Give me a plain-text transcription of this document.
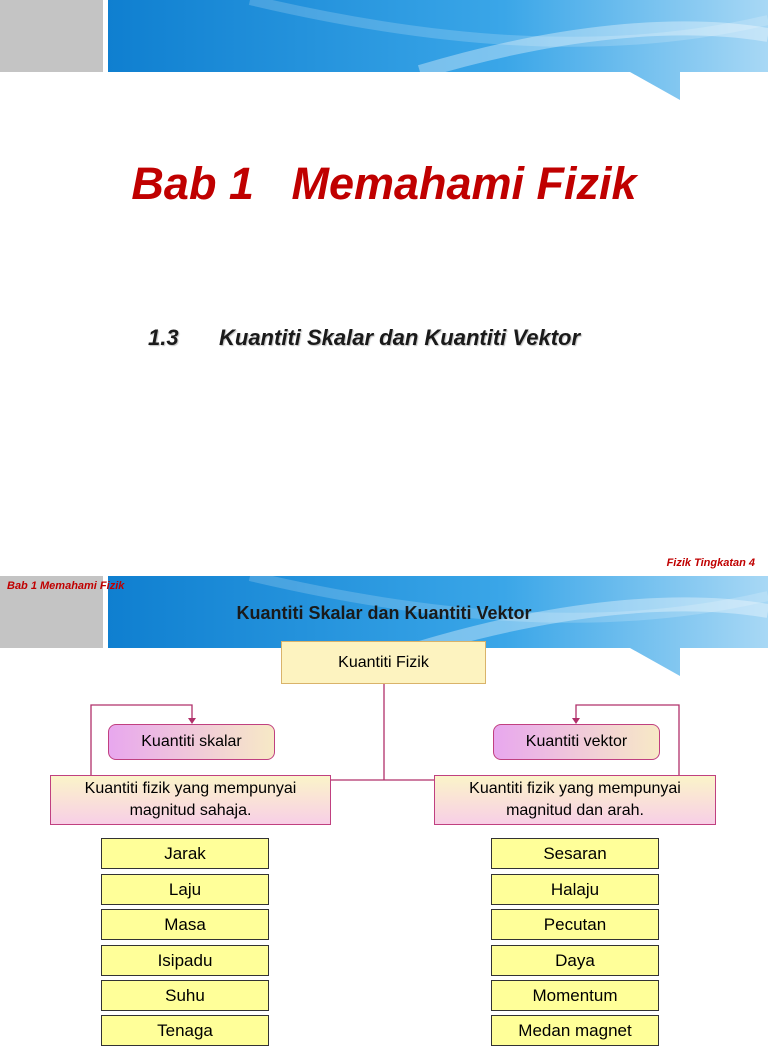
Bab 1   Memahami Fizik
1.3 Kuantiti Skalar dan Kuantiti Vektor
Fizik Tingkatan 4
Bab 1 Memahami Fizik
Kuantiti Skalar dan Kuantiti Vektor
Kuantiti Fizik
Kuantiti skalar	Kuantiti vektor
Kuantiti fizik yang mempunyai
magnitud sahaja.
Kuantiti fizik yang mempunyai
magnitud dan arah.
Jarak
Laju
Masa
Isipadu
Suhu
Tenaga
Sesaran
Halaju
Pecutan
Daya
Momentum
Medan magnet
